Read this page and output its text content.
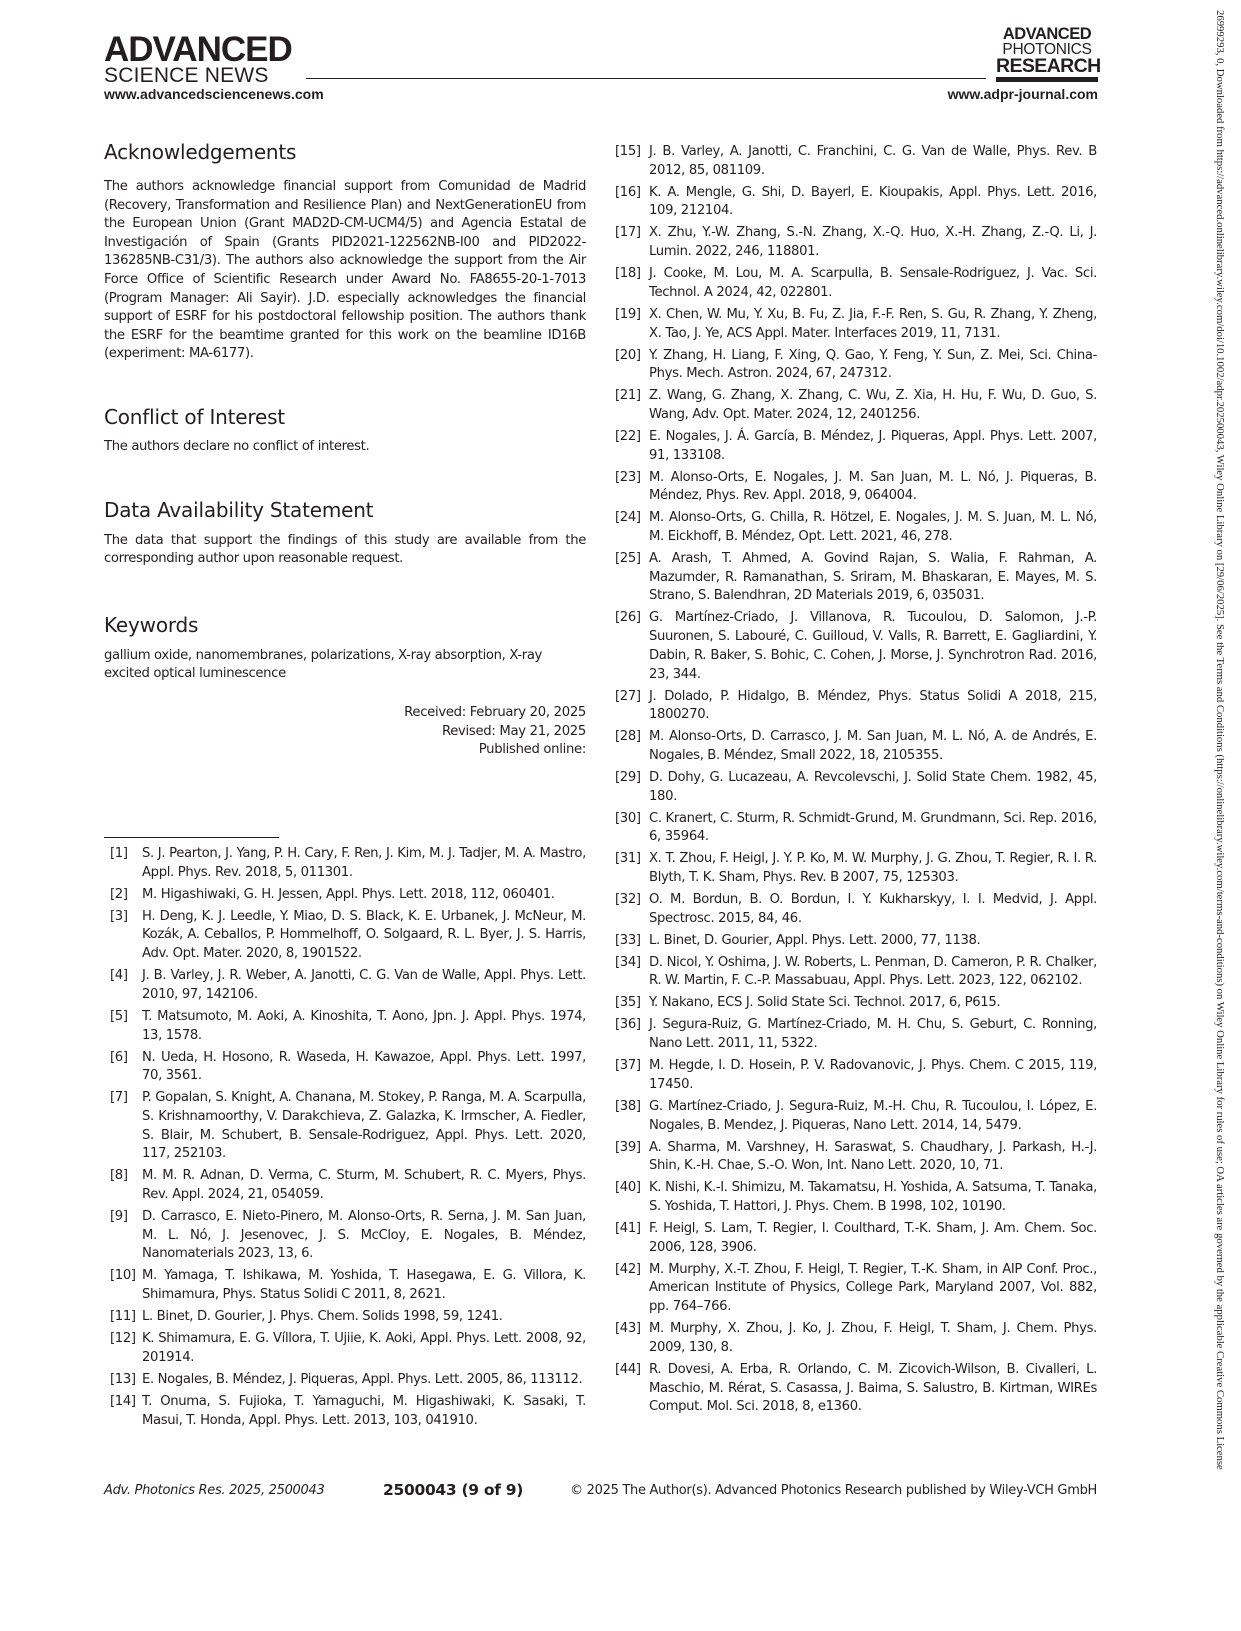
ADVANCED
SCIENCE NEWS
ADVANCED
PHOTONICS
RESEARCH
www.advancedsciencenews.com	www.adpr-journal.com
Acknowledgements

The authors acknowledge financial support from Comunidad de Madrid (Recovery, Transformation and Resilience Plan) and NextGenerationEU from the European Union (Grant MAD2D-CM-UCM4/5) and Agencia Estatal de Investigación of Spain (Grants PID2021-122562NB-I00 and PID2022-136285NB-C31/3). The authors also acknowledge the support from the Air Force Office of Scientific Research under Award No. FA8655-20-1-7013 (Program Manager: Ali Sayir). J.D. especially acknowledges the financial support of ESRF for his postdoctoral fellowship position. The authors thank the ESRF for the beamtime granted for this work on the beamline ID16B (experiment: MA-6177).

Conflict of Interest

The authors declare no conflict of interest.

Data Availability Statement

The data that support the findings of this study are available from the corresponding author upon reasonable request.

Keywords

gallium oxide, nanomembranes, polarizations, X-ray absorption, X-ray excited optical luminescence

Received: February 20, 2025
Revised: May 21, 2025
Published online:
[1]	S. J. Pearton, J. Yang, P. H. Cary, F. Ren, J. Kim, M. J. Tadjer, M. A. Mastro, Appl. Phys. Rev. 2018, 5, 011301.
[2]	M. Higashiwaki, G. H. Jessen, Appl. Phys. Lett. 2018, 112, 060401.
[3]	H. Deng, K. J. Leedle, Y. Miao, D. S. Black, K. E. Urbanek, J. McNeur, M. Kozák, A. Ceballos, P. Hommelhoff, O. Solgaard, R. L. Byer, J. S. Harris, Adv. Opt. Mater. 2020, 8, 1901522.
[4]	J. B. Varley, J. R. Weber, A. Janotti, C. G. Van de Walle, Appl. Phys. Lett. 2010, 97, 142106.
[5]	T. Matsumoto, M. Aoki, A. Kinoshita, T. Aono, Jpn. J. Appl. Phys. 1974, 13, 1578.
[6]	N. Ueda, H. Hosono, R. Waseda, H. Kawazoe, Appl. Phys. Lett. 1997, 70, 3561.
[7]	P. Gopalan, S. Knight, A. Chanana, M. Stokey, P. Ranga, M. A. Scarpulla, S. Krishnamoorthy, V. Darakchieva, Z. Galazka, K. Irmscher, A. Fiedler, S. Blair, M. Schubert, B. Sensale-Rodriguez, Appl. Phys. Lett. 2020, 117, 252103.
[8]	M. M. R. Adnan, D. Verma, C. Sturm, M. Schubert, R. C. Myers, Phys. Rev. Appl. 2024, 21, 054059.
[9]	D. Carrasco, E. Nieto-Pinero, M. Alonso-Orts, R. Serna, J. M. San Juan, M. L. Nó, J. Jesenovec, J. S. McCloy, E. Nogales, B. Méndez, Nanomaterials 2023, 13, 6.
[10] M. Yamaga, T. Ishikawa, M. Yoshida, T. Hasegawa, E. G. Villora, K. Shimamura, Phys. Status Solidi C 2011, 8, 2621.
[11] L. Binet, D. Gourier, J. Phys. Chem. Solids 1998, 59, 1241.
[12] K. Shimamura, E. G. Víllora, T. Ujiie, K. Aoki, Appl. Phys. Lett. 2008, 92, 201914.
[13] E. Nogales, B. Méndez, J. Piqueras, Appl. Phys. Lett. 2005, 86, 113112.
[14] T. Onuma, S. Fujioka, T. Yamaguchi, M. Higashiwaki, K. Sasaki, T. Masui, T. Honda, Appl. Phys. Lett. 2013, 103, 041910.
[15] J. B. Varley, A. Janotti, C. Franchini, C. G. Van de Walle, Phys. Rev. B 2012, 85, 081109.
[16] K. A. Mengle, G. Shi, D. Bayerl, E. Kioupakis, Appl. Phys. Lett. 2016, 109, 212104.
[17] X. Zhu, Y.-W. Zhang, S.-N. Zhang, X.-Q. Huo, X.-H. Zhang, Z.-Q. Li, J. Lumin. 2022, 246, 118801.
[18] J. Cooke, M. Lou, M. A. Scarpulla, B. Sensale-Rodriguez, J. Vac. Sci. Technol. A 2024, 42, 022801.
[19] X. Chen, W. Mu, Y. Xu, B. Fu, Z. Jia, F.-F. Ren, S. Gu, R. Zhang, Y. Zheng, X. Tao, J. Ye, ACS Appl. Mater. Interfaces 2019, 11, 7131.
[20] Y. Zhang, H. Liang, F. Xing, Q. Gao, Y. Feng, Y. Sun, Z. Mei, Sci. China-Phys. Mech. Astron. 2024, 67, 247312.
[21] Z. Wang, G. Zhang, X. Zhang, C. Wu, Z. Xia, H. Hu, F. Wu, D. Guo, S. Wang, Adv. Opt. Mater. 2024, 12, 2401256.
[22] E. Nogales, J. Á. García, B. Méndez, J. Piqueras, Appl. Phys. Lett. 2007, 91, 133108.
[23] M. Alonso-Orts, E. Nogales, J. M. San Juan, M. L. Nó, J. Piqueras, B. Méndez, Phys. Rev. Appl. 2018, 9, 064004.
[24] M. Alonso-Orts, G. Chilla, R. Hötzel, E. Nogales, J. M. S. Juan, M. L. Nó, M. Eickhoff, B. Méndez, Opt. Lett. 2021, 46, 278.
[25] A. Arash, T. Ahmed, A. Govind Rajan, S. Walia, F. Rahman, A. Mazumder, R. Ramanathan, S. Sriram, M. Bhaskaran, E. Mayes, M. S. Strano, S. Balendhran, 2D Materials 2019, 6, 035031.
[26] G. Martínez-Criado, J. Villanova, R. Tucoulou, D. Salomon, J.-P. Suuronen, S. Labouré, C. Guilloud, V. Valls, R. Barrett, E. Gagliardini, Y. Dabin, R. Baker, S. Bohic, C. Cohen, J. Morse, J. Synchrotron Rad. 2016, 23, 344.
[27] J. Dolado, P. Hidalgo, B. Méndez, Phys. Status Solidi A 2018, 215, 1800270.
[28] M. Alonso-Orts, D. Carrasco, J. M. San Juan, M. L. Nó, A. de Andrés, E. Nogales, B. Méndez, Small 2022, 18, 2105355.
[29] D. Dohy, G. Lucazeau, A. Revcolevschi, J. Solid State Chem. 1982, 45, 180.
[30] C. Kranert, C. Sturm, R. Schmidt-Grund, M. Grundmann, Sci. Rep. 2016, 6, 35964.
[31] X. T. Zhou, F. Heigl, J. Y. P. Ko, M. W. Murphy, J. G. Zhou, T. Regier, R. I. R. Blyth, T. K. Sham, Phys. Rev. B 2007, 75, 125303.
[32] O. M. Bordun, B. O. Bordun, I. Y. Kukharskyy, I. I. Medvid, J. Appl. Spectrosc. 2015, 84, 46.
[33] L. Binet, D. Gourier, Appl. Phys. Lett. 2000, 77, 1138.
[34] D. Nicol, Y. Oshima, J. W. Roberts, L. Penman, D. Cameron, P. R. Chalker, R. W. Martin, F. C.-P. Massabuau, Appl. Phys. Lett. 2023, 122, 062102.
[35] Y. Nakano, ECS J. Solid State Sci. Technol. 2017, 6, P615.
[36] J. Segura-Ruiz, G. Martínez-Criado, M. H. Chu, S. Geburt, C. Ronning, Nano Lett. 2011, 11, 5322.
[37] M. Hegde, I. D. Hosein, P. V. Radovanovic, J. Phys. Chem. C 2015, 119, 17450.
[38] G. Martínez-Criado, J. Segura-Ruiz, M.-H. Chu, R. Tucoulou, I. López, E. Nogales, B. Mendez, J. Piqueras, Nano Lett. 2014, 14, 5479.
[39] A. Sharma, M. Varshney, H. Saraswat, S. Chaudhary, J. Parkash, H.-J. Shin, K.-H. Chae, S.-O. Won, Int. Nano Lett. 2020, 10, 71.
[40] K. Nishi, K.-I. Shimizu, M. Takamatsu, H. Yoshida, A. Satsuma, T. Tanaka, S. Yoshida, T. Hattori, J. Phys. Chem. B 1998, 102, 10190.
[41] F. Heigl, S. Lam, T. Regier, I. Coulthard, T.-K. Sham, J. Am. Chem. Soc. 2006, 128, 3906.
[42] M. Murphy, X.-T. Zhou, F. Heigl, T. Regier, T.-K. Sham, in AIP Conf. Proc., American Institute of Physics, College Park, Maryland 2007, Vol. 882, pp. 764–766.
[43] M. Murphy, X. Zhou, J. Ko, J. Zhou, F. Heigl, T. Sham, J. Chem. Phys. 2009, 130, 8.
[44] R. Dovesi, A. Erba, R. Orlando, C. M. Zicovich-Wilson, B. Civalleri, L. Maschio, M. Rérat, S. Casassa, J. Baima, S. Salustro, B. Kirtman, WIREs Comput. Mol. Sci. 2018, 8, e1360.
Adv. Photonics Res. 2025, 2500043	2500043 (9 of 9)	© 2025 The Author(s). Advanced Photonics Research published by Wiley-VCH GmbH
26999293, 0, Downloaded from https://advanced.onlinelibrary.wiley.com/doi/10.1002/adpr.202500043, Wiley Online Library on [29/06/2025]. See the Terms and Conditions (https://onlinelibrary.wiley.com/terms-and-conditions) on Wiley Online Library for rules of use; OA articles are governed by the applicable Creative Commons License
